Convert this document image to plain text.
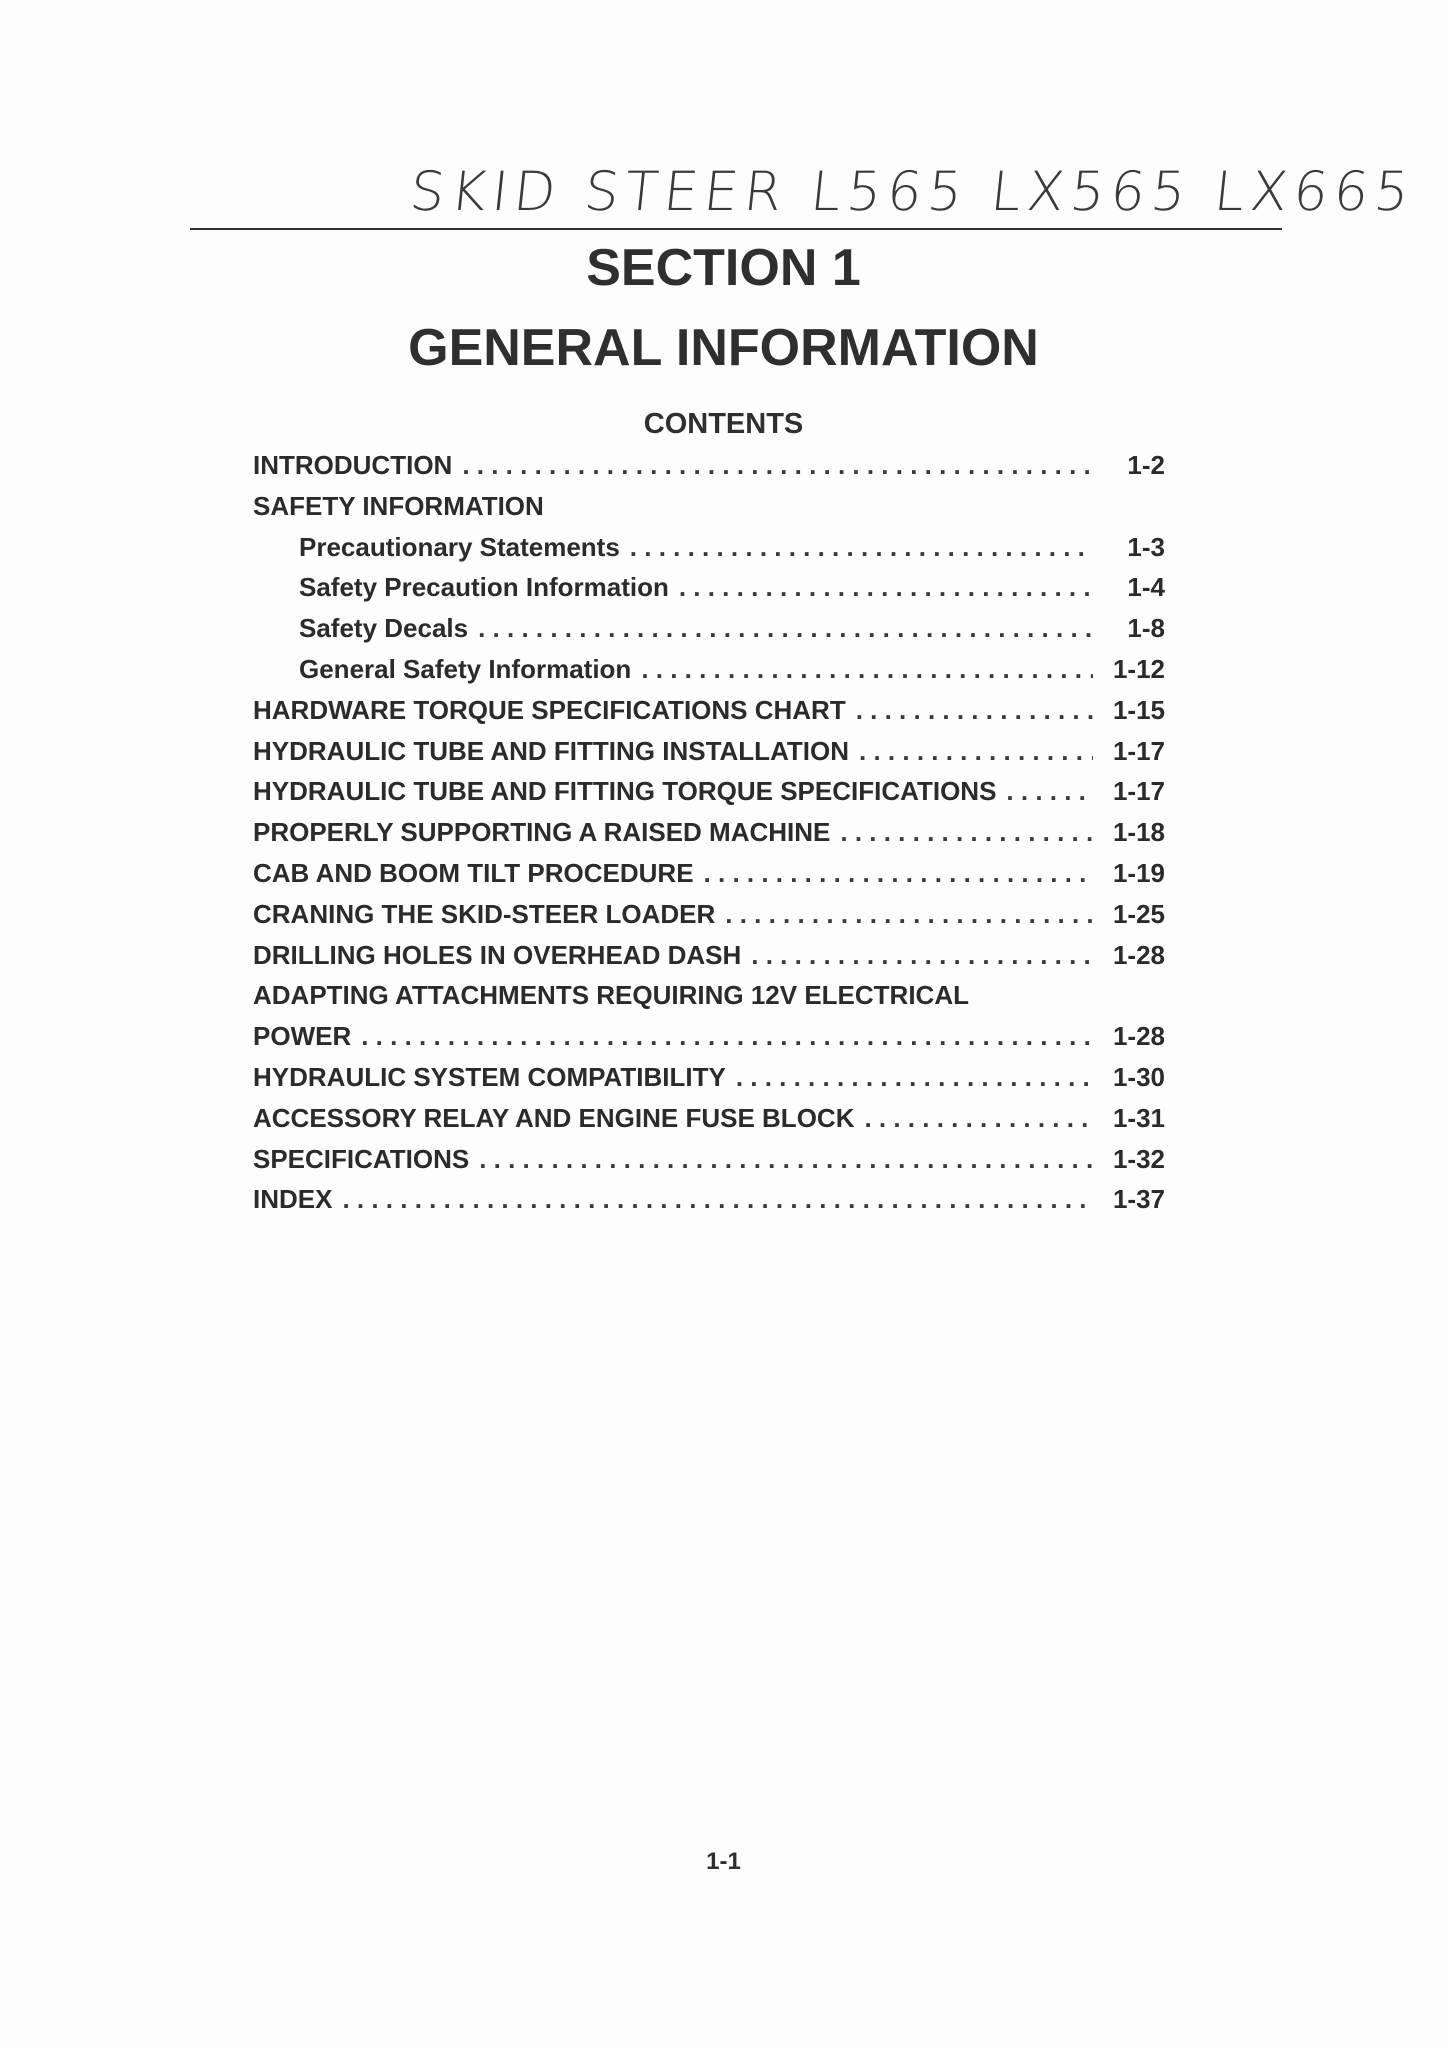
SKID STEER L565 LX565 LX665
SECTION 1
GENERAL INFORMATION
CONTENTS
INTRODUCTION . . .	1-2
SAFETY INFORMATION
Precautionary Statements . . .	1-3
Safety Precaution Information . . .	1-4
Safety Decals . . .	1-8
General Safety Information . . .	1-12
HARDWARE TORQUE SPECIFICATIONS CHART . . .	1-15
HYDRAULIC TUBE AND FITTING INSTALLATION . . .	1-17
HYDRAULIC TUBE AND FITTING TORQUE SPECIFICATIONS . . .	1-17
PROPERLY SUPPORTING A RAISED MACHINE . . .	1-18
CAB AND BOOM TILT PROCEDURE . . .	1-19
CRANING THE SKID-STEER LOADER . . .	1-25
DRILLING HOLES IN OVERHEAD DASH . . .	1-28
ADAPTING ATTACHMENTS REQUIRING 12V ELECTRICAL
POWER . . .	1-28
HYDRAULIC SYSTEM COMPATIBILITY . . .	1-30
ACCESSORY RELAY AND ENGINE FUSE BLOCK . . .	1-31
SPECIFICATIONS . . .	1-32
INDEX . . .	1-37
1-1
